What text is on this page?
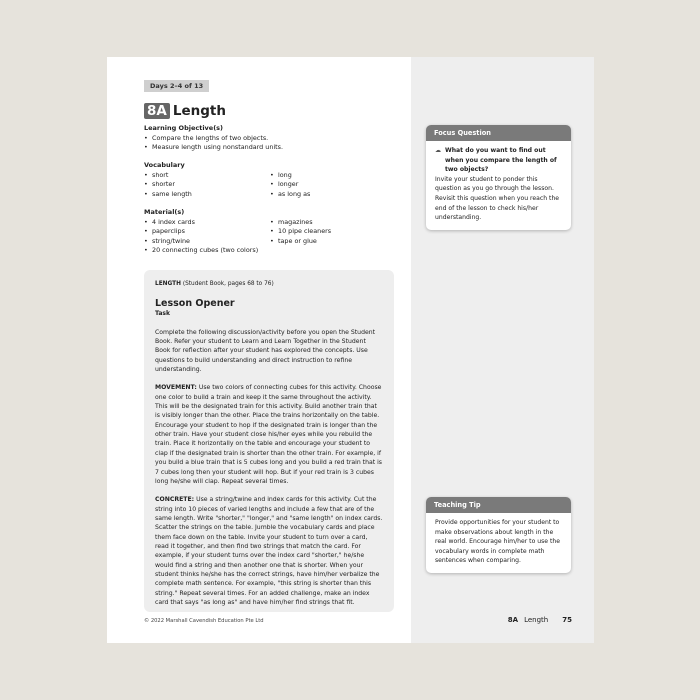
Days 2–4 of 13
8A Length
Learning Objective(s)
• Compare the lengths of two objects.
• Measure length using nonstandard units.
Vocabulary
• short
• shorter
• same length
• long
• longer
• as long as
Material(s)
• 4 index cards
• paperclips
• string/twine
• 20 connecting cubes (two colors)
• magazines
• 10 pipe cleaners
• tape or glue
LENGTH (Student Book, pages 68 to 76)
Lesson Opener
Task

Complete the following discussion/activity before you open the Student Book. Refer your student to Learn and Learn Together in the Student Book for reflection after your student has explored the concepts. Use questions to build understanding and direct instruction to refine understanding.

MOVEMENT: Use two colors of connecting cubes for this activity. Choose one color to build a train and keep it the same throughout the activity. This will be the designated train for this activity. Build another train that is visibly longer than the other. Place the trains horizontally on the table. Encourage your student to hop if the designated train is longer than the other train. Have your student close his/her eyes while you rebuild the train. Place it horizontally on the table and encourage your student to clap if the designated train is shorter than the other train. For example, if you build a blue train that is 5 cubes long and you build a red train that is 7 cubes long then your student will hop. But if your red train is 3 cubes long he/she will clap. Repeat several times.

CONCRETE: Use a string/twine and index cards for this activity. Cut the string into 10 pieces of varied lengths and include a few that are of the same length. Write "shorter," "longer," and "same length" on index cards. Scatter the strings on the table. Jumble the vocabulary cards and place them face down on the table. Invite your student to turn over a card, read it together, and then find two strings that match the card. For example, if your student turns over the index card "shorter," he/she would find a string and then another one that is shorter. When your student thinks he/she has the correct strings, have him/her verbalize the complete math sentence. For example, "this string is shorter than this string." Repeat several times. For an added challenge, make an index card that says "as long as" and have him/her find strings that fit.

Focus Question
☁ What do you want to find out when you compare the length of two objects?
Invite your student to ponder this question as you go through the lesson. Revisit this question when you reach the end of the lesson to check his/her understanding.
Teaching Tip
Provide opportunities for your student to make observations about length in the real world. Encourage him/her to use the vocabulary words in complete math sentences when comparing.
© 2022 Marshall Cavendish Education Pte Ltd	8A Length 75
